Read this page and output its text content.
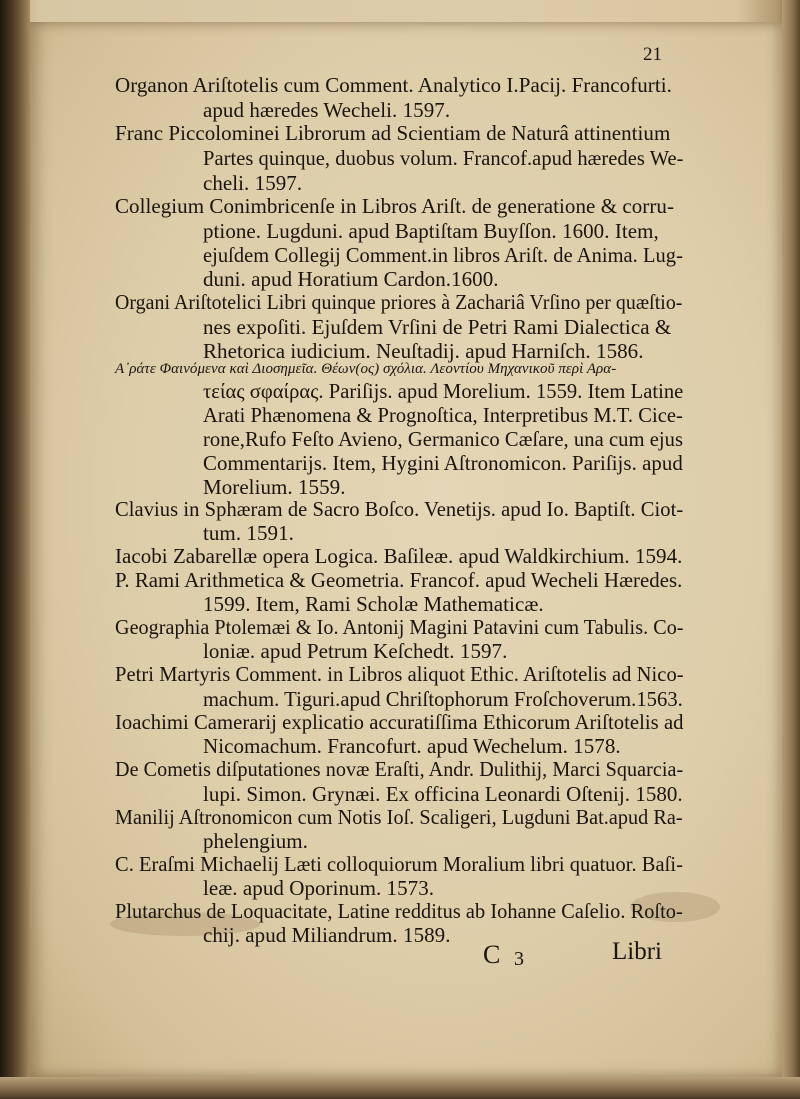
21
Organon Ariſtotelis cum Comment. Analytico I.Pacij. Francofurti.
apud hæredes Wecheli. 1597.
Franc Piccolominei Librorum ad Scientiam de Naturâ attinentium
Partes quinque, duobus volum. Francof.apud hæredes We-
cheli. 1597.
Collegium Conimbricenſe in Libros Ariſt. de generatione & corru-
ptione. Lugduni. apud Baptiſtam Buyſſon. 1600. Item,
ejuſdem Collegij Comment.in libros Ariſt. de Anima. Lug-
duni. apud Horatium Cardon.1600.
Organi Ariſtotelici Libri quinque priores à Zachariâ Vrſino per quæſtio-
nes expoſiti. Ejuſdem Vrſini de Petri Rami Dialectica &
Rhetorica iudicium. Neuſtadij. apud Harniſch. 1586.
Α᾽ράτε Φαινόμενα καὶ Διοσημεῖα. Θέων(ος) σχόλια. Λεοντίου Μηχανικοῦ περὶ Αρα-
τείας σφαίρας. Pariſijs. apud Morelium. 1559. Item Latine
Arati Phænomena & Prognoſtica, Interpretibus M.T. Cice-
rone,Rufo Feſto Avieno, Germanico Cæſare, una cum ejus
Commentarijs. Item, Hygini Aſtronomicon. Pariſijs. apud
Morelium. 1559.
Clavius in Sphæram de Sacro Boſco. Venetijs. apud Io. Baptiſt. Ciot-
tum. 1591.
Iacobi Zabarellæ opera Logica. Baſileæ. apud Waldkirchium. 1594.
P. Rami Arithmetica & Geometria. Francof. apud Wecheli Hæredes.
1599. Item, Rami Scholæ Mathematicæ.
Geographia Ptolemæi & Io. Antonij Magini Patavini cum Tabulis. Co-
loniæ. apud Petrum Keſchedt. 1597.
Petri Martyris Comment. in Libros aliquot Ethic. Ariſtotelis ad Nico-
machum. Tiguri.apud Chriſtophorum Froſchoverum.1563.
Ioachimi Camerarij explicatio accuratiſſima Ethicorum Ariſtotelis ad
Nicomachum. Francofurt. apud Wechelum. 1578.
De Cometis diſputationes novæ Eraſti, Andr. Dulithij, Marci Squarcia-
lupi. Simon. Grynæi. Ex officina Leonardi Oſtenij. 1580.
Manilij Aſtronomicon cum Notis Ioſ. Scaligeri, Lugduni Bat.apud Ra-
phelengium.
C. Eraſmi Michaelij Læti colloquiorum Moralium libri quatuor. Baſi-
leæ. apud Oporinum. 1573.
Plutarchus de Loquacitate, Latine redditus ab Iohanne Caſelio. Roſto-
chij. apud Miliandrum. 1589.
C 3	Libri
